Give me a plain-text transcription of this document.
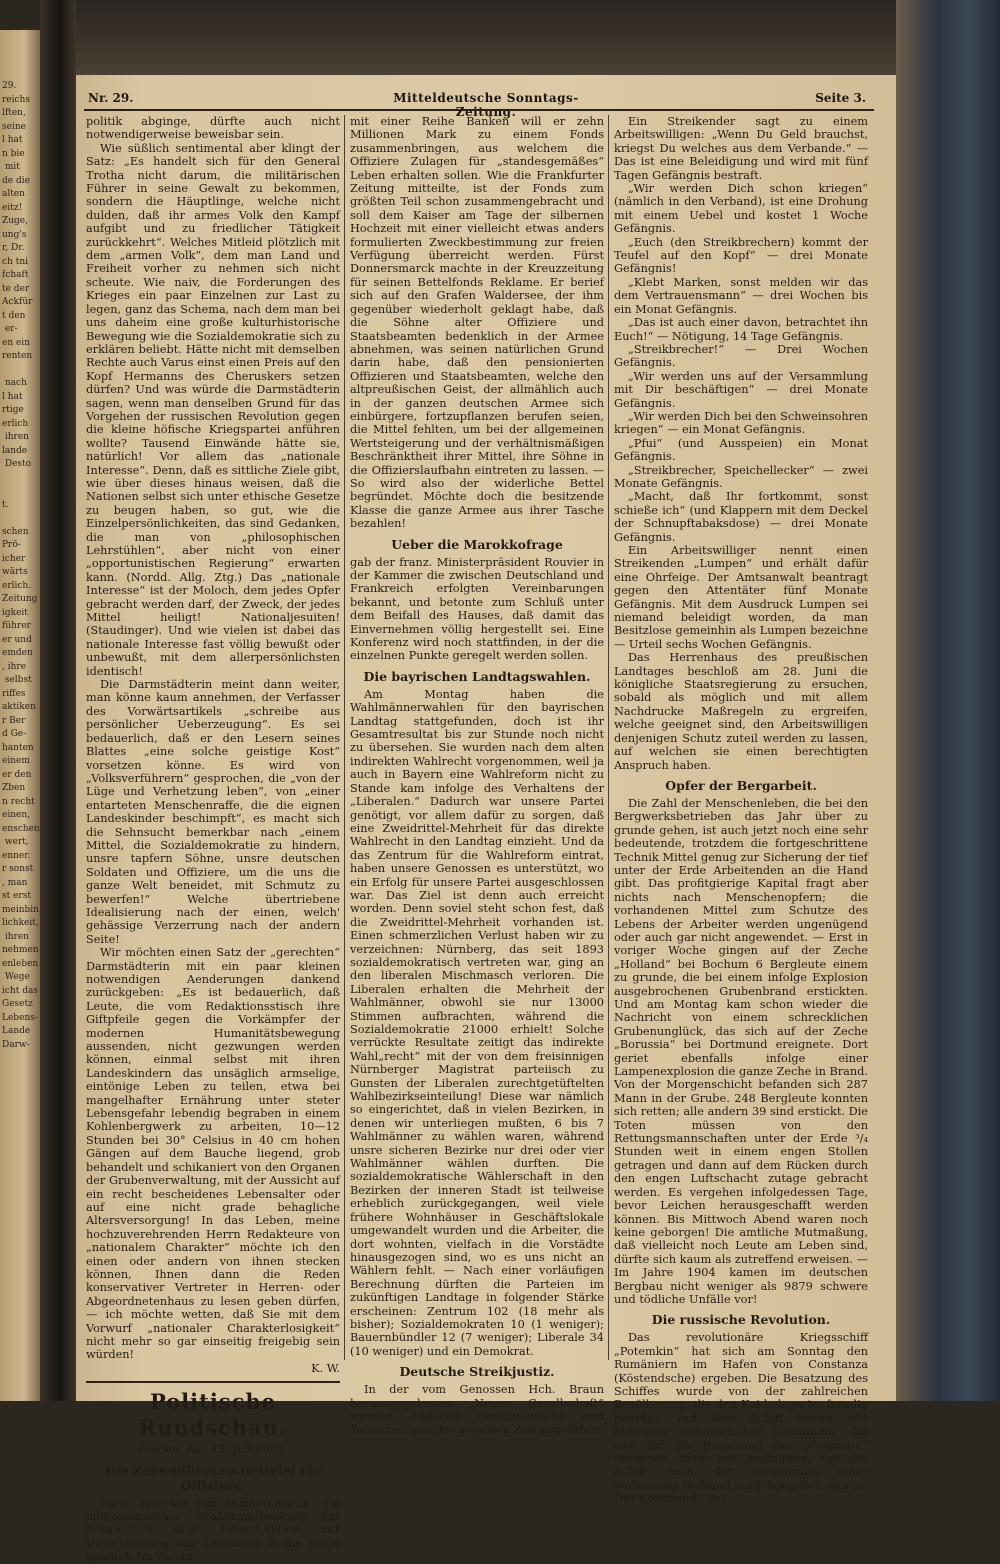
29.
reichs
lften,
seine
l hat
n bie
mit
de die
alten
eitz!
Zuge,
ung's
r, Dr.
ch tni
fchaft
te der
Ackfür
t den
er-
en ein
renten

nach
l hat
rtige
erlich
ihren
lande
Desto

t.

schen
Prö-
icher
wärts
erlich.
Zeitung
igkeit
führer
er und
emden
, ihre
selbst
riffes
aktiken
r Ber
d Ge-
hanten
einem
er den
Zben
n recht
einen,
enschen
wert,
enner.
r sonst
, man
st erst
meinbin
lichkeit,
ihren
nehmen
enleben
Wege
icht das
Gesetz
Lebens-
Lande
Darw-
Nr. 29.	Mitteldeutsche Sonntags-Zeitung.
Seite 3.

politik abginge, dürfte auch nicht notwendigerweise beweisbar sein.

Wie süßlich sentimental aber klingt der Satz: „Es handelt sich für den General Trotha nicht darum, die militärischen Führer in seine Gewalt zu bekommen, sondern die Häuptlinge, welche nicht dulden, daß ihr armes Volk den Kampf aufgibt und zu friedlicher Tätigkeit zurückkehrt“. Welches Mitleid plötzlich mit dem „armen Volk“, dem man Land und Freiheit vorher zu nehmen sich nicht scheute. Wie naiv, die Forderungen des Krieges ein paar Einzelnen zur Last zu legen, ganz das Schema, nach dem man bei uns daheim eine große kulturhistorische Bewegung wie die Sozialdemokratie sich zu erklären beliebt. Hätte nicht mit demselben Rechte auch Varus einst einen Preis auf den Kopf Hermanns des Cheruskers setzen dürfen? Und was würde die Darmstädterin sagen, wenn man denselben Grund für das Vorgehen der russischen Revolution gegen die kleine höfische Kriegspartei anführen wollte? Tausend Einwände hätte sie, natürlich! Vor allem das „nationale Interesse“. Denn, daß es sittliche Ziele gibt, wie über dieses hinaus weisen, daß die Nationen selbst sich unter ethische Gesetze zu beugen haben, so gut, wie die Einzelpersönlichkeiten, das sind Gedanken, die man von „philosophischen Lehrstühlen“, aber nicht von einer „opportunistischen Regierung“ erwarten kann. (Nordd. Allg. Ztg.) Das „nationale Interesse“ ist der Moloch, dem jedes Opfer gebracht werden darf, der Zweck, der jedes Mittel heiligt! Nationaljesuiten! (Staudinger). Und wie vielen ist dabei das nationale Interesse fast völlig bewußt oder unbewußt, mit dem allerpersönlichsten identisch!

Die Darmstädterin meint dann weiter, man könne kaum annehmen, der Verfasser des Vorwärtsartikels „schreibe aus persönlicher Ueberzeugung“. Es sei bedauerlich, daß er den Lesern seines Blattes „eine solche geistige Kost“ vorsetzen könne. Es wird von „Volksverführern“ gesprochen, die „von der Lüge und Verhetzung leben“, von „einer entarteten Menschenraffe, die die eignen Landeskinder beschimpft“, es macht sich die Sehnsucht bemerkbar nach „einem Mittel, die Sozialdemokratie zu hindern, unsre tapfern Söhne, unsre deutschen Soldaten und Offiziere, um die uns die ganze Welt beneidet, mit Schmutz zu bewerfen!“ Welche übertriebene Idealisierung nach der einen, welch' gehässige Verzerrung nach der andern Seite!

Wir möchten einen Satz der „gerechten“ Darmstädterin mit ein paar kleinen notwendigen Aenderungen dankend zurückgeben: „Es ist bedauerlich, daß Leute, die vom Redaktionsstisch ihre Giftpfeile gegen die Vorkämpfer der modernen Humanitätsbewegung aussenden, nicht gezwungen werden können, einmal selbst mit ihren Landeskindern das unsäglich armselige, eintönige Leben zu teilen, etwa bei mangelhafter Ernährung unter steter Lebensgefahr lebendig begraben in einem Kohlenbergwerk zu arbeiten, 10—12 Stunden bei 30° Celsius in 40 cm hohen Gängen auf dem Bauche liegend, grob behandelt und schikaniert von den Organen der Grubenverwaltung, mit der Aussicht auf ein recht bescheidenes Lebensalter oder auf eine nicht grade behagliche Altersversorgung! In das Leben, meine hochzuverehrenden Herrn Redakteure von „nationalem Charakter“ möchte ich den einen oder andern von ihnen stecken können, Ihnen dann die Reden konservativer Vertreter in Herren- oder Abgeordnetenhaus zu lesen geben dürfen, — ich möchte wetten, daß Sie mit dem Vorwurf „nationaler Charakterlosigkeit“ nicht mehr so gar einseitig freigebig sein würden!

K. W.
Politische Rundschau.
Gießen, den 13. Juli 1905.
Die Zehnmillionen-Bettelei für Offiziere.

Fürst Henckel von Donnersmarck, ein millionenreicher Großgrundbesitzer, hat bekanntlich eine Finanz-Aktion zur Unterstützung von Offizieren in die Wege geleitet. Im Verein

mit einer Reihe Banken will er zehn Millionen Mark zu einem Fonds zusammenbringen, aus welchem die Offiziere Zulagen für „standesgemäßes“ Leben erhalten sollen. Wie die Frankfurter Zeitung mitteilte, ist der Fonds zum größten Teil schon zusammengebracht und soll dem Kaiser am Tage der silbernen Hochzeit mit einer vielleicht etwas anders formulierten Zweckbestimmung zur freien Verfügung überreicht werden. Fürst Donnersmarck machte in der Kreuzzeitung für seinen Bettelfonds Reklame. Er berief sich auf den Grafen Waldersee, der ihm gegenüber wiederholt geklagt habe, daß die Söhne alter Offiziere und Staatsbeamten bedenklich in der Armee abnehmen, was seinen natürlichen Grund darin habe, daß den pensionierten Offizieren und Staatsbeamten, welche den altpreußischen Geist, der allmählich auch in der ganzen deutschen Armee sich einbürgere, fortzupflanzen berufen seien, die Mittel fehlten, um bei der allgemeinen Wertsteigerung und der verhältnismäßigen Beschränktheit ihrer Mittel, ihre Söhne in die Offizierslaufbahn eintreten zu lassen. — So wird also der widerliche Bettel begründet. Möchte doch die besitzende Klasse die ganze Armee aus ihrer Tasche bezahlen!

Ueber die Marokkofrage

gab der franz. Ministerpräsident Rouvier in der Kammer die zwischen Deutschland und Frankreich erfolgten Vereinbarungen bekannt, und betonte zum Schluß unter dem Beifall des Hauses, daß damit das Einvernehmen völlig hergestellt sei. Eine Konferenz wird noch stattfinden, in der die einzelnen Punkte geregelt werden sollen.

Die bayrischen Landtagswahlen.

Am Montag haben die Wahlmännerwahlen für den bayrischen Landtag stattgefunden, doch ist ihr Gesamtresultat bis zur Stunde noch nicht zu übersehen. Sie wurden nach dem alten indirekten Wahlrecht vorgenommen, weil ja auch in Bayern eine Wahlreform nicht zu Stande kam infolge des Verhaltens der „Liberalen.“ Dadurch war unsere Partei genötigt, vor allem dafür zu sorgen, daß eine Zweidrittel-Mehrheit für das direkte Wahlrecht in den Landtag einzieht. Und da das Zentrum für die Wahlreform eintrat, haben unsere Genossen es unterstützt, wo ein Erfolg für unsere Partei ausgeschlossen war. Das Ziel ist denn auch erreicht worden. Denn soviel steht schon fest, daß die Zweidrittel-Mehrheit vorhanden ist. Einen schmerzlichen Verlust haben wir zu verzeichnen: Nürnberg, das seit 1893 sozialdemokratisch vertreten war, ging an den liberalen Mischmasch verloren. Die Liberalen erhalten die Mehrheit der Wahlmänner, obwohl sie nur 13000 Stimmen aufbrachten, während die Sozialdemokratie 21000 erhielt! Solche verrückte Resultate zeitigt das indirekte Wahl„recht“ mit der von dem freisinnigen Nürnberger Magistrat parteiisch zu Gunsten der Liberalen zurechtgetüftelten Wahlbezirkseinteilung! Diese war nämlich so eingerichtet, daß in vielen Bezirken, in denen wir unterliegen mußten, 6 bis 7 Wahlmänner zu wählen waren, während unsre sicheren Bezirke nur drei oder vier Wahlmänner wählen durften. Die sozialdemokratische Wählerschaft in den Bezirken der inneren Stadt ist teilweise erheblich zurückgegangen, weil viele frühere Wohnhäuser in Geschäftslokale umgewandelt wurden und die Arbeiter, die dort wohnten, vielfach in die Vorstädte hinausgezogen sind, wo es uns nicht an Wählern fehlt. — Nach einer vorläufigen Berechnung dürften die Parteien im zukünftigen Landtage in folgender Stärke erscheinen: Zentrum 102 (18 mehr als bisher); Sozialdemokraten 10 (1 weniger); Bauernbündler 12 (7 weniger); Liberale 34 (10 weniger) und ein Demokrat.

Deutsche Streikjustiz.

In der vom Genossen Hch. Braun herausgegebenen „Neuen Gesellschaft“ werden folgende Gerichtsurteile und Tatsachen aus der neuesten Zeit angeführt:

Ein Streikender sagt zu einem Arbeitswilligen: „Wenn Du Geld brauchst, kriegst Du welches aus dem Verbande.“ — Das ist eine Beleidigung und wird mit fünf Tagen Gefängnis bestraft.

„Wir werden Dich schon kriegen“ (nämlich in den Verband), ist eine Drohung mit einem Uebel und kostet 1 Woche Gefängnis.

„Euch (den Streikbrechern) kommt der Teufel auf den Kopf“ — drei Monate Gefängnis!

„Klebt Marken, sonst melden wir das dem Vertrauensmann“ — drei Wochen bis ein Monat Gefängnis.

„Das ist auch einer davon, betrachtet ihn Euch!“ — Nötigung, 14 Tage Gefängnis.

„Streikbrecher!“ — Drei Wochen Gefängnis.

„Wir werden uns auf der Versammlung mit Dir beschäftigen“ — drei Monate Gefängnis.

„Wir werden Dich bei den Schweinsohren kriegen“ — ein Monat Gefängnis.

„Pfui“ (und Ausspeien) ein Monat Gefängnis.

„Streikbrecher, Speichellecker“ — zwei Monate Gefängnis.

„Macht, daß Ihr fortkommt, sonst schieße ich“ (und Klappern mit dem Deckel der Schnupftabaksdose) — drei Monate Gefängnis.

Ein Arbeitswilliger nennt einen Streikenden „Lumpen“ und erhält dafür eine Ohrfeige. Der Amtsanwalt beantragt gegen den Attentäter fünf Monate Gefängnis. Mit dem Ausdruck Lumpen sei niemand beleidigt worden, da man Besitzlose gemeinhin als Lumpen bezeichne — Urteil sechs Wochen Gefängnis.

Das Herrenhaus des preußischen Landtages beschloß am 28. Juni die königliche Staatsregierung zu ersuchen, sobald als möglich und mit allem Nachdrucke Maßregeln zu ergreifen, welche geeignet sind, den Arbeitswilligen denjenigen Schutz zuteil werden zu lassen, auf welchen sie einen berechtigten Anspruch haben.

Opfer der Bergarbeit.

Die Zahl der Menschenleben, die bei den Bergwerksbetrieben das Jahr über zu grunde gehen, ist auch jetzt noch eine sehr bedeutende, trotzdem die fortgeschrittene Technik Mittel genug zur Sicherung der tief unter der Erde Arbeitenden an die Hand gibt. Das profitgierige Kapital fragt aber nichts nach Menschenopfern; die vorhandenen Mittel zum Schutze des Lebens der Arbeiter werden ungenügend oder auch gar nicht angewendet. — Erst in voriger Woche gingen auf der Zeche „Holland“ bei Bochum 6 Bergleute einem zu grunde, die bei einem infolge Explosion ausgebrochenen Grubenbrand erstickten. Und am Montag kam schon wieder die Nachricht von einem schrecklichen Grubenunglück, das sich auf der Zeche „Borussia“ bei Dortmund ereignete. Dort geriet ebenfalls infolge einer Lampenexplosion die ganze Zeche in Brand. Von der Morgenschicht befanden sich 287 Mann in der Grube. 248 Bergleute konnten sich retten; alle andern 39 sind erstickt. Die Toten müssen von den Rettungsmannschaften unter der Erde ³/₄ Stunden weit in einem engen Stollen getragen und dann auf dem Rücken durch den engen Luftschacht zutage gebracht werden. Es vergehen infolgedessen Tage, bevor Leichen herausgeschafft werden können. Bis Mittwoch Abend waren noch keine geborgen! Die amtliche Mutmaßung, daß vielleicht noch Leute am Leben sind, dürfte sich kaum als zutreffend erweisen. — Im Jahre 1904 kamen im deutschen Bergbau nicht weniger als 9879 schwere und tödliche Unfälle vor!

Die russische Revolution.

Das revolutionäre Kriegsschiff „Potemkin“ hat sich am Sonntag den Rumäniern im Hafen von Constanza (Köstendsche) ergeben. Die Besatzung des Schiffes wurde von der zahlreichen Bevölkerung, die den Kai belagerte, freudig begrüßt. Auf dem Schiff waren 200 Matrosen sozialistischer Gesinnung, die sich für die Besatzung des „Potemkin“ erklärten, unter der Bedingung, daß das Schiff nach der Gewährung einer Verfassung Rußland zurückgegeben würde. Das Kommando des
